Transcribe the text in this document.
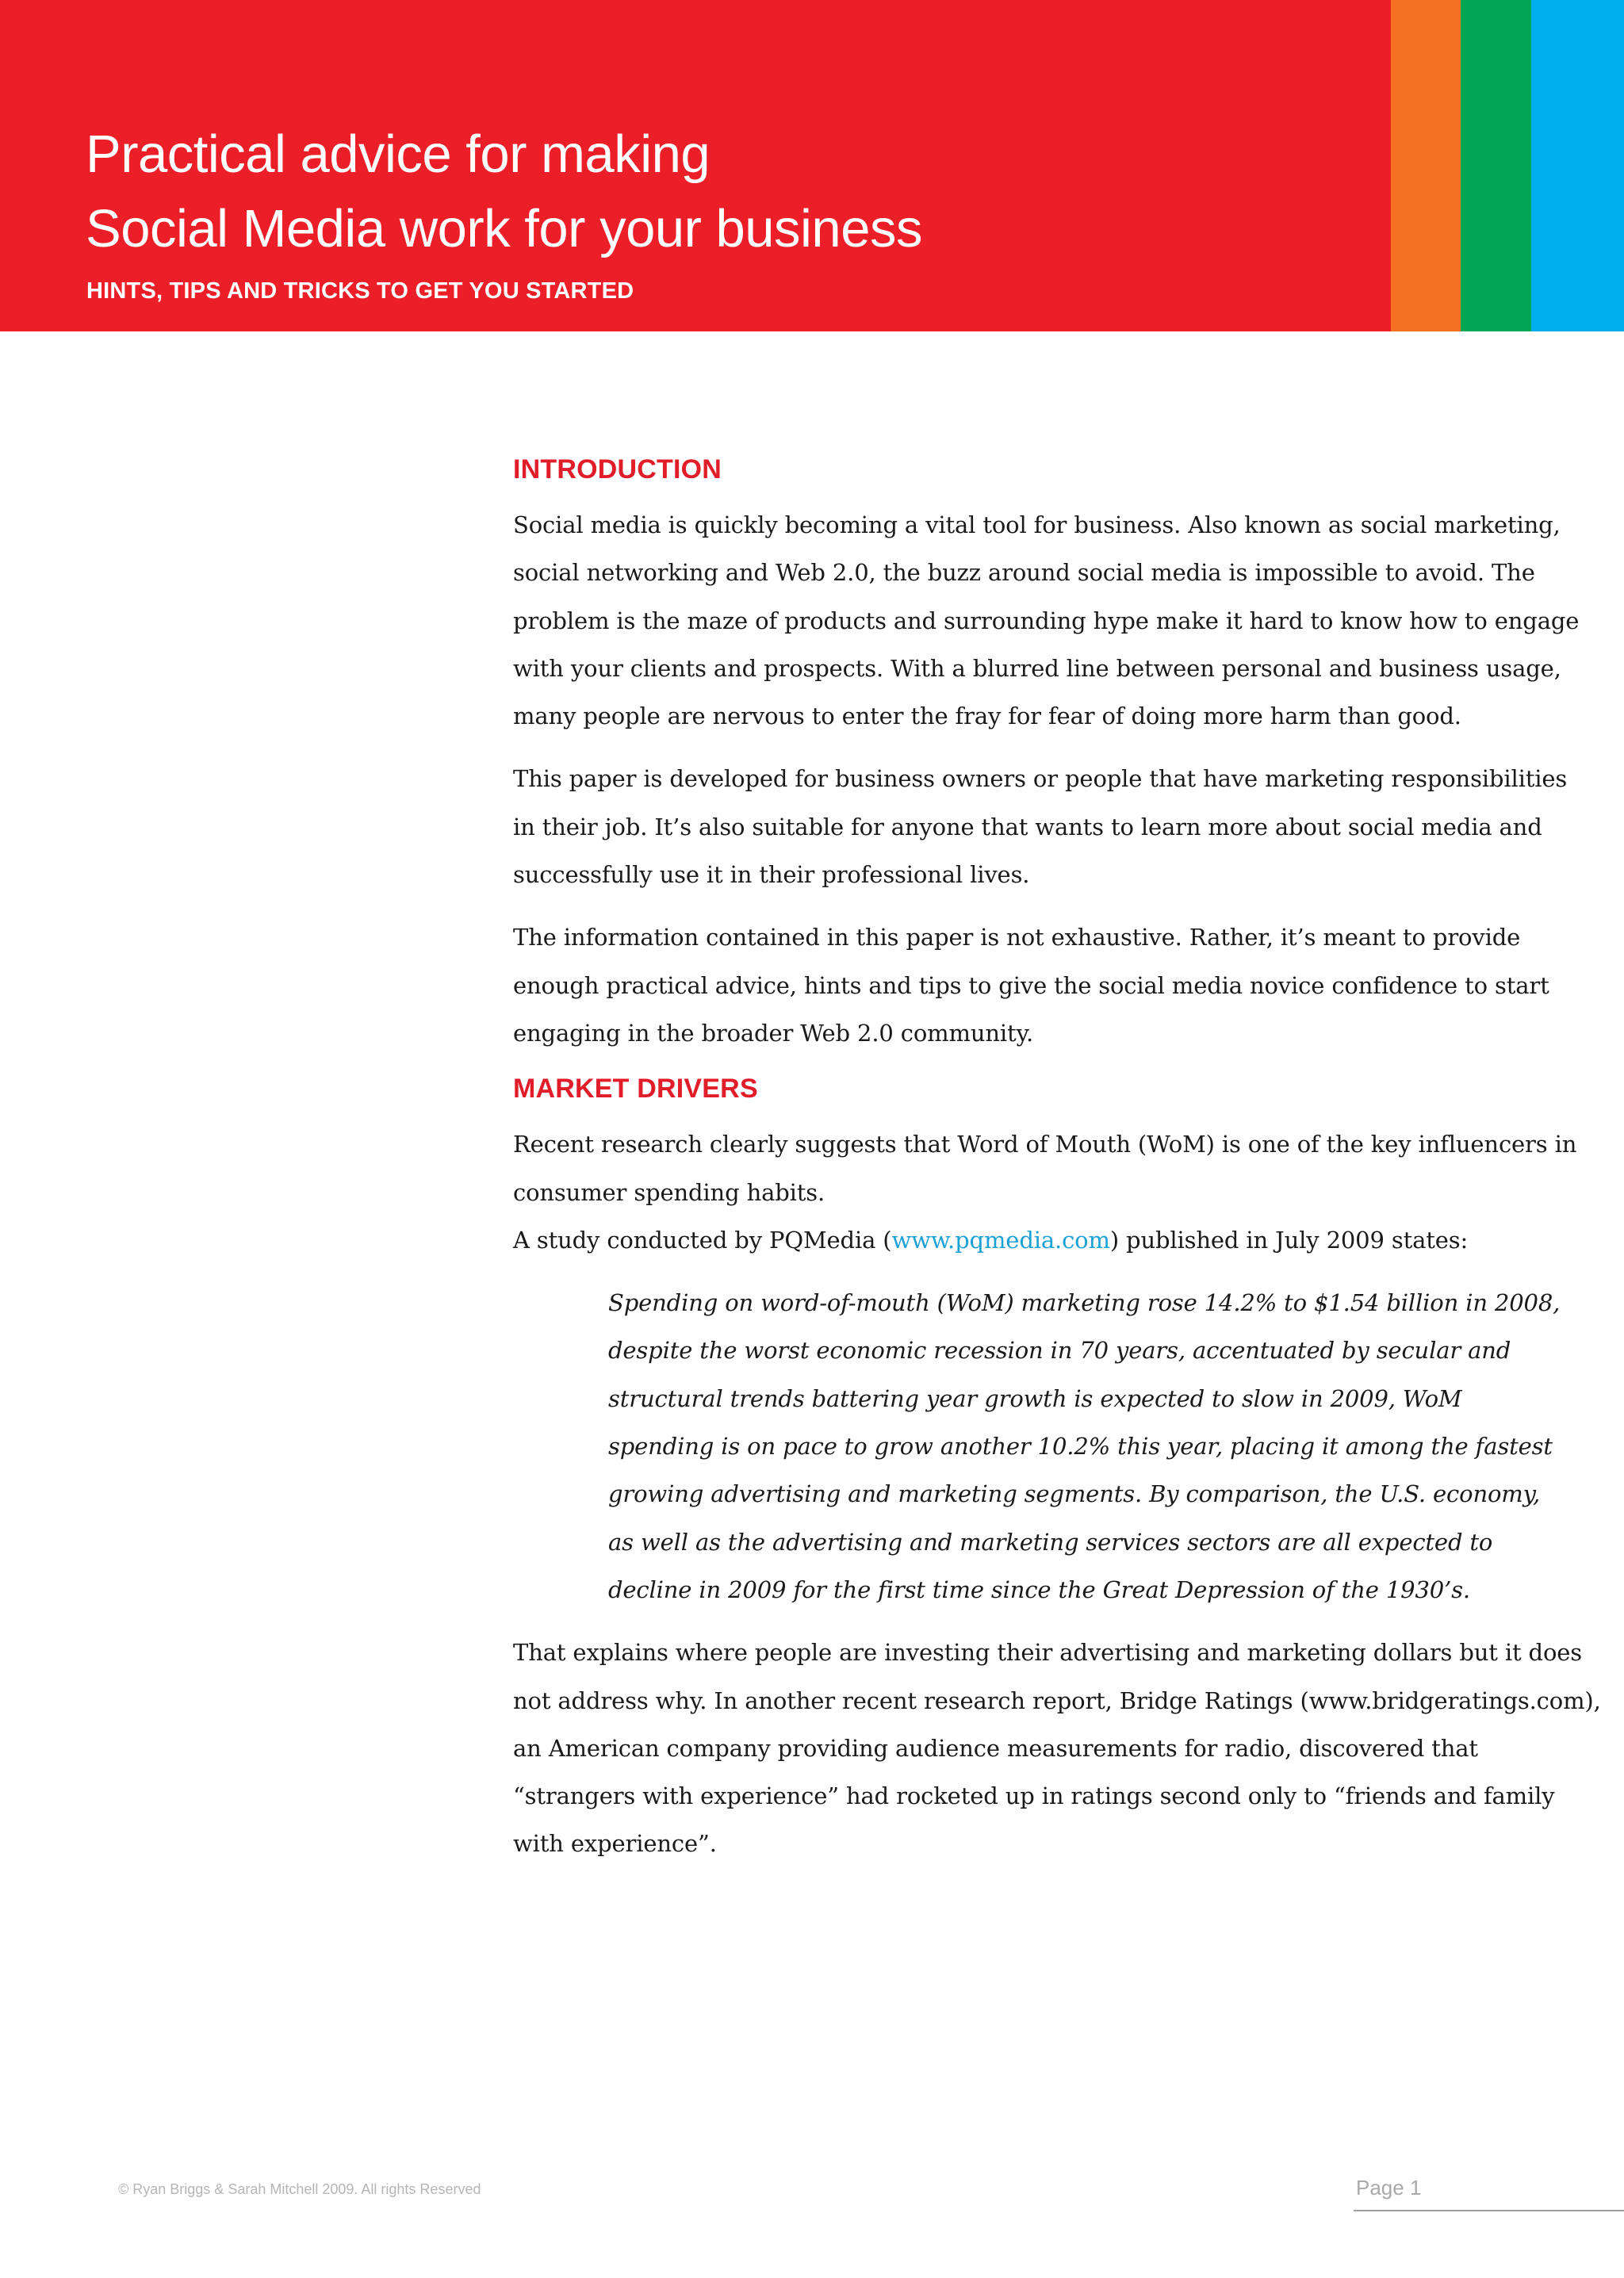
Practical advice for making
Social Media work for your business

HINTS, TIPS AND TRICKS TO GET YOU STARTED

INTRODUCTION

Social media is quickly becoming a vital tool for business. Also known as social marketing,
social networking and Web 2.0, the buzz around social media is impossible to avoid. The
problem is the maze of products and surrounding hype make it hard to know how to engage
with your clients and prospects. With a blurred line between personal and business usage,
many people are nervous to enter the fray for fear of doing more harm than good.

This paper is developed for business owners or people that have marketing responsibilities
in their job. It’s also suitable for anyone that wants to learn more about social media and
successfully use it in their professional lives.

The information contained in this paper is not exhaustive. Rather, it’s meant to provide
enough practical advice, hints and tips to give the social media novice confidence to start
engaging in the broader Web 2.0 community.

MARKET DRIVERS

Recent research clearly suggests that Word of Mouth (WoM) is one of the key influencers in
consumer spending habits.
A study conducted by PQMedia (www.pqmedia.com) published in July 2009 states:

Spending on word-of-mouth (WoM) marketing rose 14.2% to $1.54 billion in 2008,
despite the worst economic recession in 70 years, accentuated by secular and
structural trends battering year growth is expected to slow in 2009, WoM
spending is on pace to grow another 10.2% this year, placing it among the fastest
growing advertising and marketing segments. By comparison, the U.S. economy,
as well as the advertising and marketing services sectors are all expected to
decline in 2009 for the first time since the Great Depression of the 1930’s.

That explains where people are investing their advertising and marketing dollars but it does
not address why. In another recent research report, Bridge Ratings (www.bridgeratings.com),
an American company providing audience measurements for radio, discovered that
“strangers with experience” had rocketed up in ratings second only to “friends and family
with experience”.

© Ryan Briggs & Sarah Mitchell 2009. All rights Reserved	Page 1
